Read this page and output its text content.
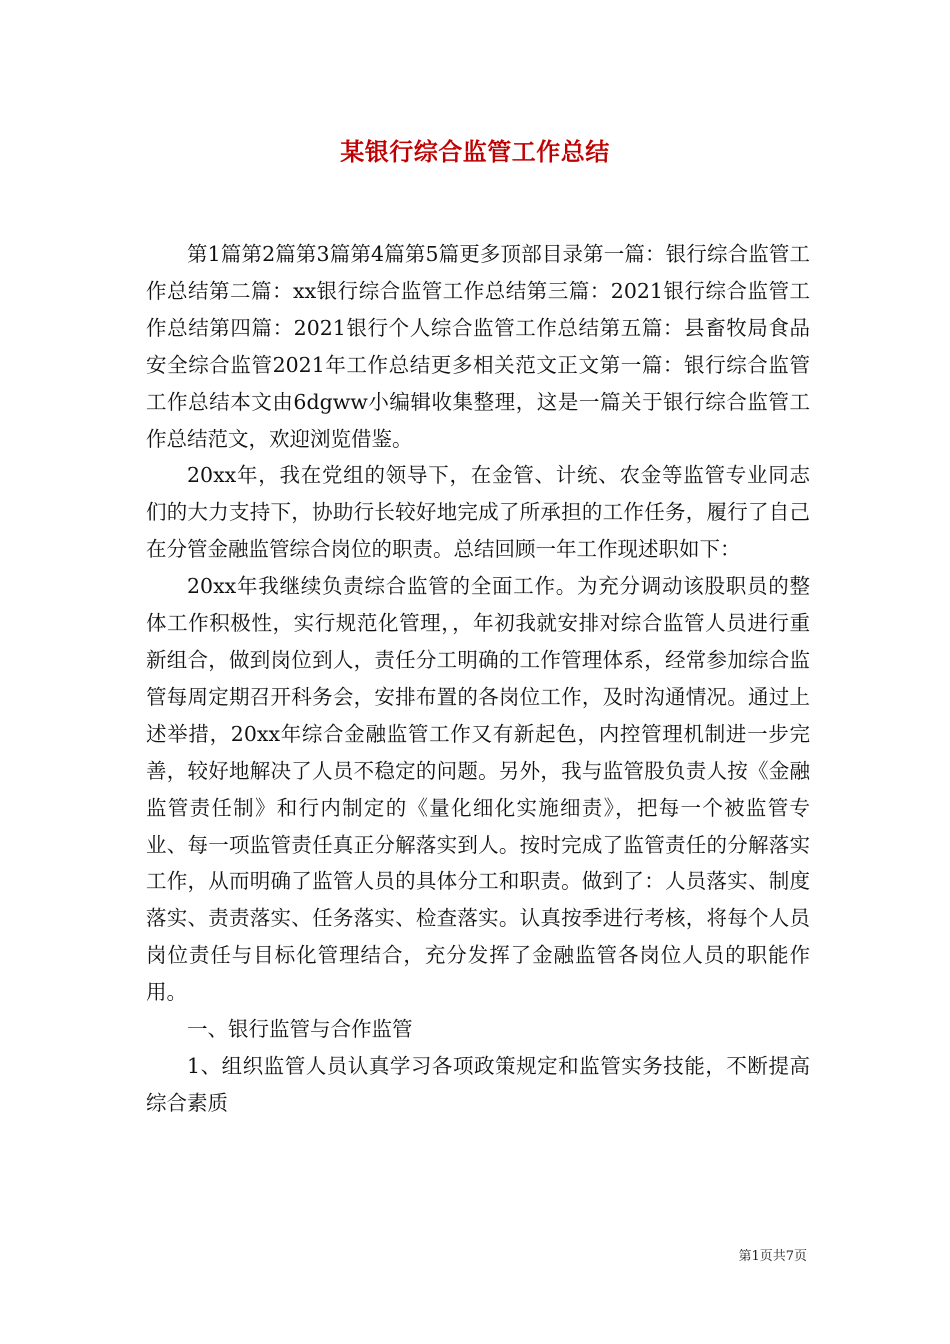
某银行综合监管工作总结

第1篇第2篇第3篇第4篇第5篇更多顶部目录第一篇：银行综合监管工作总结第二篇：xx银行综合监管工作总结第三篇：2021银行综合监管工作总结第四篇：2021银行个人综合监管工作总结第五篇：县畜牧局食品安全综合监管2021年工作总结更多相关范文正文第一篇：银行综合监管工作总结本文由6dgww小编辑收集整理，这是一篇关于银行综合监管工作总结范文，欢迎浏览借鉴。

20xx年，我在党组的领导下，在金管、计统、农金等监管专业同志们的大力支持下，协助行长较好地完成了所承担的工作任务，履行了自己在分管金融监管综合岗位的职责。总结回顾一年工作现述职如下：

20xx年我继续负责综合监管的全面工作。为充分调动该股职员的整体工作积极性，实行规范化管理，，年初我就安排对综合监管人员进行重新组合，做到岗位到人，责任分工明确的工作管理体系，经常参加综合监管每周定期召开科务会，安排布置的各岗位工作，及时沟通情况。通过上述举措，20xx年综合金融监管工作又有新起色，内控管理机制进一步完善，较好地解决了人员不稳定的问题。另外，我与监管股负责人按《金融监管责任制》和行内制定的《量化细化实施细责》，把每一个被监管专业、每一项监管责任真正分解落实到人。按时完成了监管责任的分解落实工作，从而明确了监管人员的具体分工和职责。做到了：人员落实、制度落实、责责落实、任务落实、检查落实。认真按季进行考核，将每个人员岗位责任与目标化管理结合，充分发挥了金融监管各岗位人员的职能作用。

一、银行监管与合作监管

1、组织监管人员认真学习各项政策规定和监管实务技能，不断提高综合素质

第1页共7页
